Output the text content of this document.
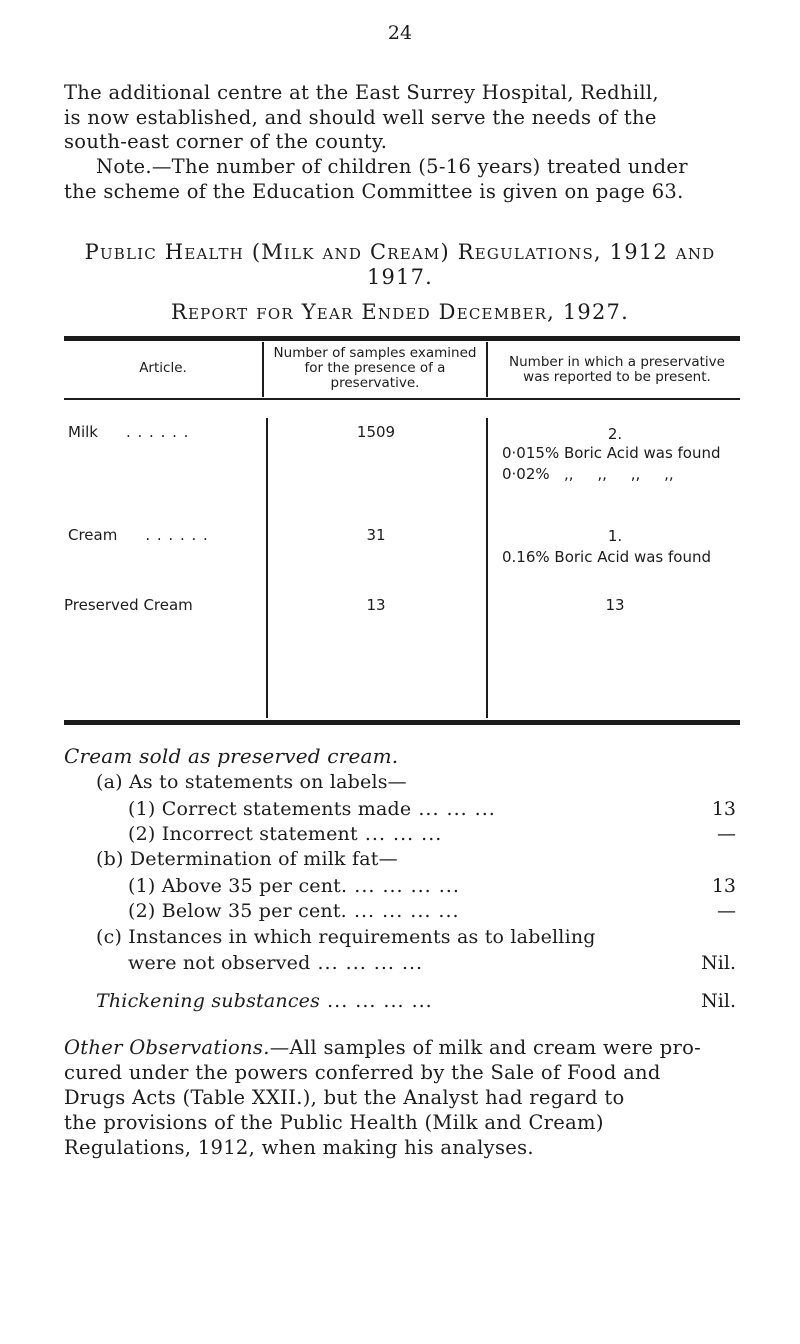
24
The additional centre at the East Surrey Hospital, Redhill,
is now established, and should well serve the needs of the
south-east corner of the county.
Note.—The number of children (5-16 years) treated under
the scheme of the Education Committee is given on page 63.
Public Health (Milk and Cream) Regulations, 1912 and
1917.
Report for Year Ended December, 1927.
Article.
Number of samples examined for the presence of a preservative.
Number in which a preservative was reported to be present.
Milk . . . . . .	1509	2.
0·015% Boric Acid was found
0·02%   ,,     ,,     ,,     ,,
Cream . . . . . .	31	1.
0.16% Boric Acid was found
Preserved Cream	13	13
Cream sold as preserved cream.
(a) As to statements on labels—
(1) Correct statements made ... ... ...	13
(2) Incorrect statement ... ... ...	—
(b) Determination of milk fat—
(1) Above 35 per cent. ... ... ... ...	13
(2) Below 35 per cent. ... ... ... ...	—
(c) Instances in which requirements as to labelling
were not observed ... ... ... ...	Nil.
Thickening substances ... ... ... ...	Nil.
Other Observations.—All samples of milk and cream were pro-
cured under the powers conferred by the Sale of Food and
Drugs Acts (Table XXII.), but the Analyst had regard to
the provisions of the Public Health (Milk and Cream)
Regulations, 1912, when making his analyses.
